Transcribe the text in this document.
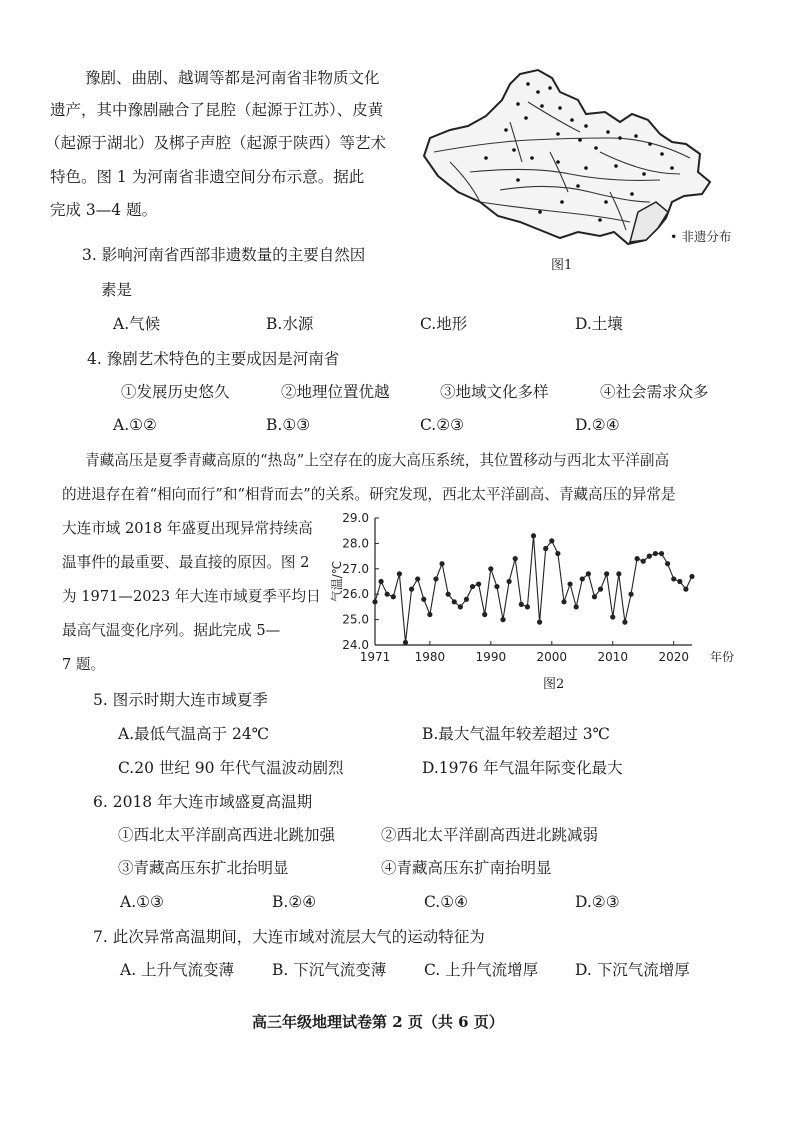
豫剧、曲剧、越调等都是河南省非物质文化
遗产，其中豫剧融合了昆腔（起源于江苏）、皮黄
（起源于湖北）及梆子声腔（起源于陕西）等艺术
特色。图 1 为河南省非遗空间分布示意。据此
完成 3—4 题。
• 非遗分布
图1
3. 影响河南省西部非遗数量的主要自然因
素是
A.气候	B.水源	C.地形	D.土壤
4. 豫剧艺术特色的主要成因是河南省
①发展历史悠久	②地理位置优越	③地域文化多样	④社会需求众多
A.①②	B.①③	C.②③	D.②④
青藏高压是夏季青藏高原的“热岛”上空存在的庞大高压系统，其位置移动与西北太平洋副高
的进退存在着“相向而行”和“相背而去”的关系。研究发现，西北太平洋副高、青藏高压的异常是
大连市域 2018 年盛夏出现异常持续高
温事件的最重要、最直接的原因。图 2
为 1971—2023 年大连市域夏季平均日
最高气温变化序列。据此完成 5—
7 题。
24.0
25.0
26.0
27.0
28.0
29.0
1971 1980	1990	2000	2010	2020
气温/℃
年份
图2
5. 图示时期大连市域夏季
A.最低气温高于 24℃	B.最大气温年较差超过 3℃
C.20 世纪 90 年代气温波动剧烈	D.1976 年气温年际变化最大
6. 2018 年大连市域盛夏高温期
①西北太平洋副高西进北跳加强	②西北太平洋副高西进北跳减弱
③青藏高压东扩北抬明显	④青藏高压东扩南抬明显
A.①③	B.②④	C.①④	D.②③
7. 此次异常高温期间，大连市域对流层大气的运动特征为
A. 上升气流变薄 B. 下沉气流变薄 C. 上升气流增厚 D. 下沉气流增厚
高三年级地理试卷第 2 页（共 6 页）
